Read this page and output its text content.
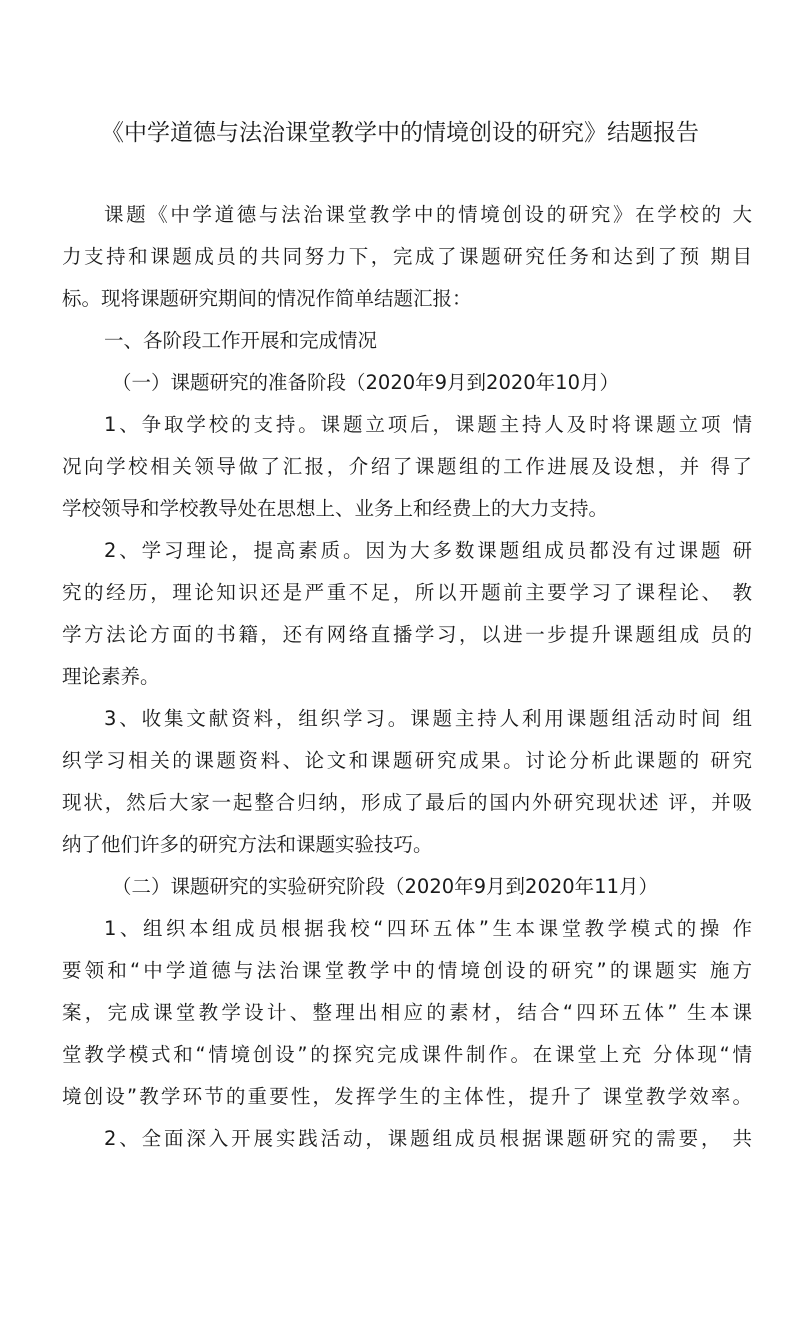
《中学道德与法治课堂教学中的情境创设的研究》结题报告
课题《中学道德与法治课堂教学中的情境创设的研究》在学校的 大
力支持和课题成员的共同努力下，完成了课题研究任务和达到了预 期目
标。现将课题研究期间的情况作简单结题汇报：
一、各阶段工作开展和完成情况
（一）课题研究的准备阶段（2020年9月到2020年10月）
1、争取学校的支持。课题立项后，课题主持人及时将课题立项 情
况向学校相关领导做了汇报，介绍了课题组的工作进展及设想，并 得了
学校领导和学校教导处在思想上、业务上和经费上的大力支持。
2、学习理论，提高素质。因为大多数课题组成员都没有过课题 研
究的经历，理论知识还是严重不足，所以开题前主要学习了课程论、 教
学方法论方面的书籍，还有网络直播学习，以进一步提升课题组成 员的
理论素养。
3、收集文献资料，组织学习。课题主持人利用课题组活动时间 组
织学习相关的课题资料、论文和课题研究成果。讨论分析此课题的 研究
现状，然后大家一起整合归纳，形成了最后的国内外研究现状述 评，并吸
纳了他们许多的研究方法和课题实验技巧。
（二）课题研究的实验研究阶段（2020年9月到2020年11月）
1、组织本组成员根据我校“四环五体”生本课堂教学模式的操 作
要领和“中学道德与法治课堂教学中的情境创设的研究”的课题实 施方
案，完成课堂教学设计、整理出相应的素材，结合“四环五体” 生本课
堂教学模式和“情境创设”的探究完成课件制作。在课堂上充 分体现“情
境创设”教学环节的重要性，发挥学生的主体性，提升了 课堂教学效率。
2、全面深入开展实践活动，课题组成员根据课题研究的需要， 共
